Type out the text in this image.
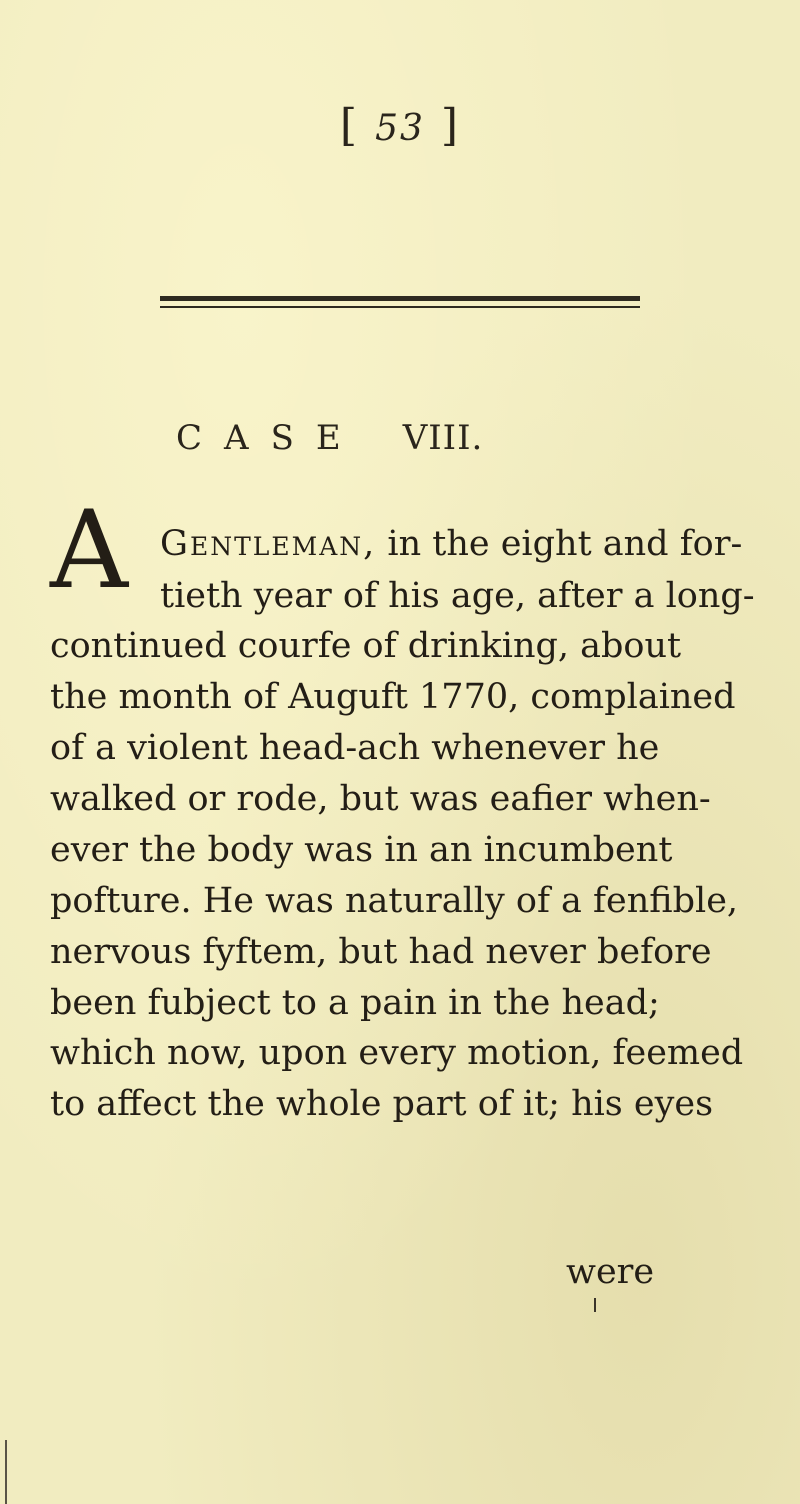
[ 53 ]
CASE VIII.
A Gentleman, in the eight and for-
tieth year of his age, after a long-
continued courfe of drinking, about
the month of Auguft 1770, complained
of a violent head-ach whenever he
walked or rode, but was eafier when-
ever the body was in an incumbent
pofture. He was naturally of a fenfible,
nervous fyftem, but had never before
been fubject to a pain in the head;
which now, upon every motion, feemed
to affect the whole part of it; his eyes
were
